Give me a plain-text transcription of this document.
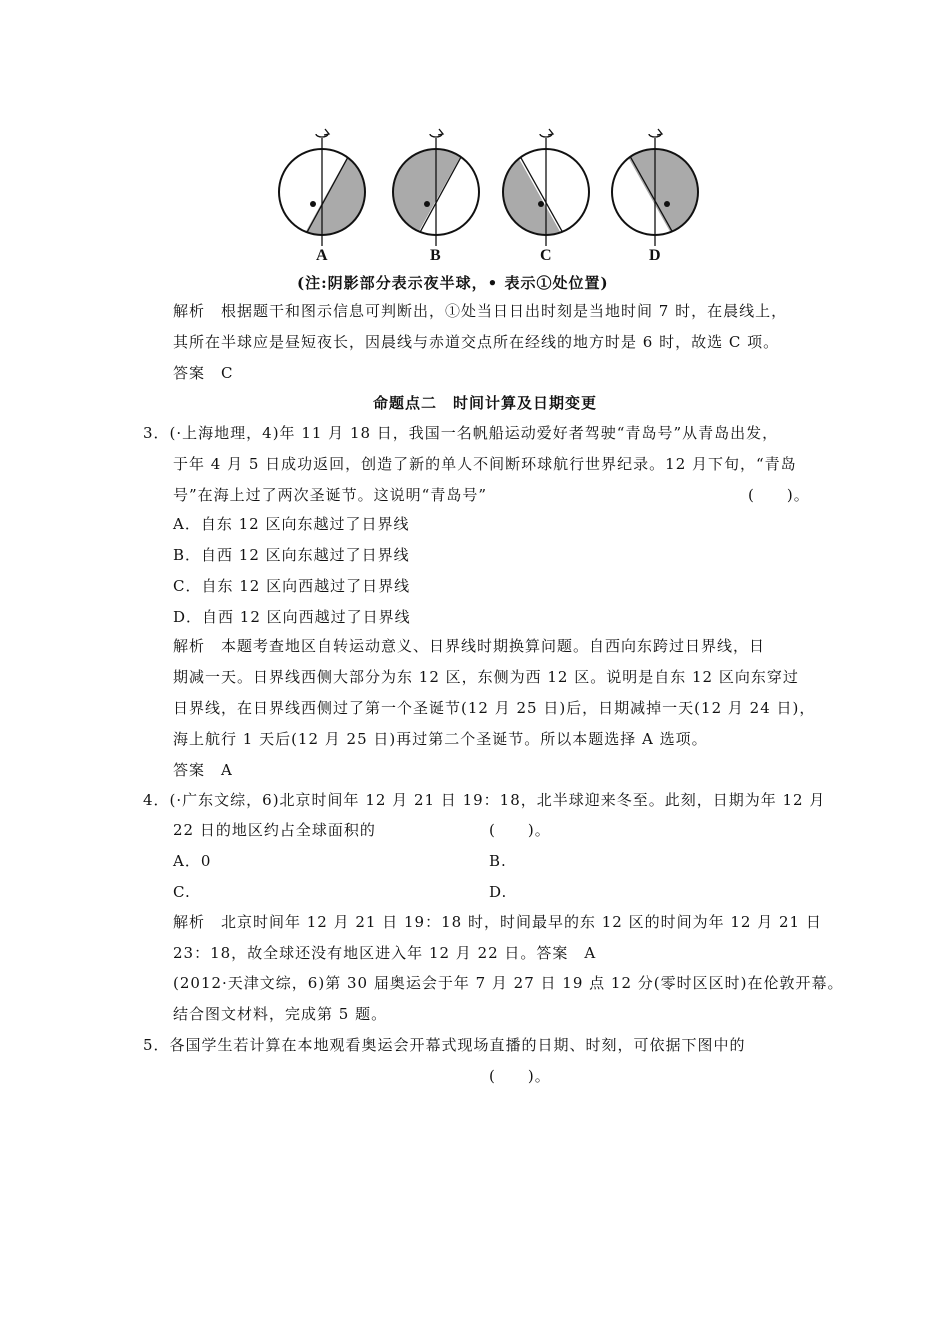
A	B	C	D
(注:阴影部分表示夜半球，• 表示①处位置)
解析　根据题干和图示信息可判断出，①处当日日出时刻是当地时间 7 时，在晨线上，
其所在半球应是昼短夜长，因晨线与赤道交点所在经线的地方时是 6 时，故选 C 项。
答案　C
命题点二　时间计算及日期变更
3．(·上海地理，4)年 11 月 18 日，我国一名帆船运动爱好者驾驶“青岛号”从青岛出发，
于年 4 月 5 日成功返回，创造了新的单人不间断环球航行世界纪录。12 月下旬，“青岛
号”在海上过了两次圣诞节。这说明“青岛号”	(　　)。
A．自东 12 区向东越过了日界线
B．自西 12 区向东越过了日界线
C．自东 12 区向西越过了日界线
D．自西 12 区向西越过了日界线
解析　本题考查地区自转运动意义、日界线时期换算问题。自西向东跨过日界线，日
期减一天。日界线西侧大部分为东 12 区，东侧为西 12 区。说明是自东 12 区向东穿过
日界线，在日界线西侧过了第一个圣诞节(12 月 25 日)后，日期减掉一天(12 月 24 日)，
海上航行 1 天后(12 月 25 日)再过第二个圣诞节。所以本题选择 A 选项。
答案　A
4．(·广东文综，6)北京时间年 12 月 21 日 19：18，北半球迎来冬至。此刻，日期为年 12 月
22 日的地区约占全球面积的	(　　)。
A．0	B.
C.	D.
解析　北京时间年 12 月 21 日 19：18 时，时间最早的东 12 区的时间为年 12 月 21 日
23：18，故全球还没有地区进入年 12 月 22 日。答案　A
(2012·天津文综，6)第 30 届奥运会于年 7 月 27 日 19 点 12 分(零时区区时)在伦敦开幕。
结合图文材料，完成第 5 题。
5．各国学生若计算在本地观看奥运会开幕式现场直播的日期、时刻，可依据下图中的
(　　)。
